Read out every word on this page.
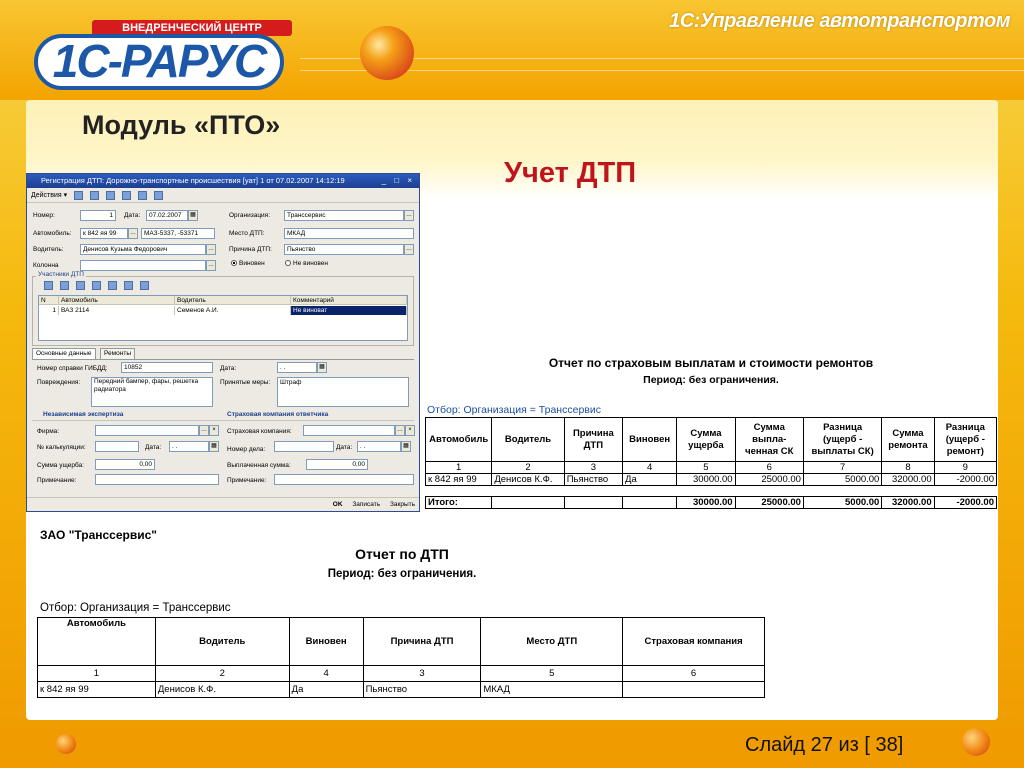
1С:Управление автотранспортом
ВНЕДРЕНЧЕСКИЙ ЦЕНТР
1С-РАРУС
Модуль «ПТО»
Учет ДТП
Регистрация ДТП: Дорожно-транспортные происшествия [уат] 1 от 07.02.2007 14:12:19	_ □ ×
Действия ▾
Номер:	1	Дата:	07.02.2007	▦	Организация:	Транссервис	…
Автомобиль:	к 842 яя 99	…	МАЗ-5337, -53371	Место ДТП:	МКАД
Водитель:	Денисов Кузьма Федорович	…	Причина ДТП:	Пьянство	…
Колонна	…	Виновен	Не виновен
Участники ДТП

N	Автомобиль	Водитель	Комментарий
1 ВАЗ 2114	Семенов А.И.	Не виноват
Основные данные	Ремонты
Номер справки ГИБДД:	10852	Дата:	. .	▦
Повреждения:	Передний бампер, фары, решетка радиатора
Принятые меры:	Штраф
Независимая экспертиза	Страховая компания ответчика
Фирма:	… ×	Страховая компания:	… ×
№ калькуляции:	Дата:	. .	▦	Номер дела:	Дата:	. .	▦
Сумма ущерба:	0,00	Выплаченная сумма:	0,00
Примечание:	Примечание:
OK Записать Закрыть
Отчет по страховым выплатам и стоимости ремонтов
Период: без ограничения.
Отбор: Организация = Транссервис
Автомобиль	Водитель	Причина ДТП	Виновен	Сумма ущерба	Сумма выпла-ченная СК	Разница (ущерб - выплаты СК)	Сумма ремонта	Разница (ущерб - ремонт)
1	2	3	4	5	6	7	8	9
к 842 яя 99	Денисов К.Ф.	Пьянство	Да	30000.00	25000.00	5000.00	32000.00	-2000.00
Итого:				30000.00	25000.00	5000.00	32000.00	-2000.00
ЗАО "Транссервис"
Отчет по ДТП
Период: без ограничения.
Отбор: Организация = Транссервис
Автомобиль	Водитель	Виновен	Причина ДТП	Место ДТП	Страховая компания
1	2	4	3	5	6
к 842 яя 99	Денисов К.Ф.	Да	Пьянство	МКАД	
Слайд 27 из [ 38]
